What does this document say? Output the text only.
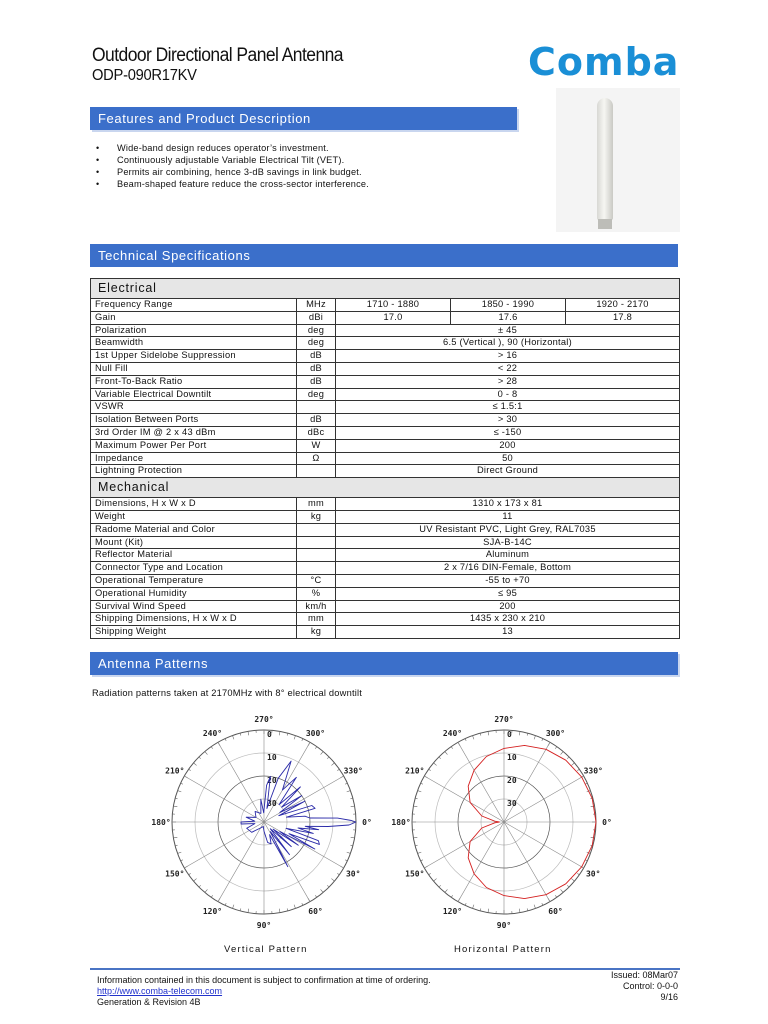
Outdoor Directional Panel Antenna
ODP-090R17KV	Comba
Features and Product Description
• Wide-band design reduces operator’s investment.
• Continuously adjustable Variable Electrical Tilt (VET).
• Permits air combining, hence 3-dB savings in link budget.
• Beam-shaped feature reduce the cross-sector interference.
Technical Specifications
Electrical				
Frequency Range	MHz	1710 - 1880	1850 - 1990	1920 - 2170
Gain	dBi	17.0	17.6	17.8
Polarization	deg	± 45		
Beamwidth	deg	6.5 (Vertical ), 90 (Horizontal)		
1st Upper Sidelobe Suppression	dB	> 16		
Null Fill	dB	< 22		
Front-To-Back Ratio	dB	> 28		
Variable Electrical Downtilt	deg	0 - 8		
VSWR		≤ 1.5:1		
Isolation Between Ports	dB	> 30		
3rd Order IM @ 2 x 43 dBm	dBc	≤ -150		
Maximum Power Per Port	W	200		
Impedance	Ω	50		
Lightning Protection		Direct Ground		
Mechanical				
Dimensions, H x W x D	mm	1310 x 173 x 81		
Weight	kg	11		
Radome Material and Color		UV Resistant PVC, Light Grey, RAL7035		
Mount (Kit)		SJA-B-14C		
Reflector Material		Aluminum		
Connector Type and Location		2 x 7/16 DIN-Female, Bottom		
Operational Temperature	°C	-55 to +70		
Operational Humidity	%	≤ 95		
Survival Wind Speed	km/h	200		
Shipping Dimensions, H x W x D	mm	1435 x 230 x 210		
Shipping Weight	kg	13		
Antenna Patterns
Radiation patterns taken at 2170MHz with 8° electrical downtilt
0°
30°
60°
90°
120°
150°
180°
210°
240°
270°
300°
330°
0
10
20
30
0°
30°
60°
90°
120°
150°
180°
210°
240°
270°
300°
330°
0
10
20
30
Vertical Pattern	Horizontal Pattern
Information contained in this document is subject to confirmation at time of ordering.
http://www.comba-telecom.com
Generation & Revision 4B
Issued: 08Mar07
Control: 0-0-0
9/16
